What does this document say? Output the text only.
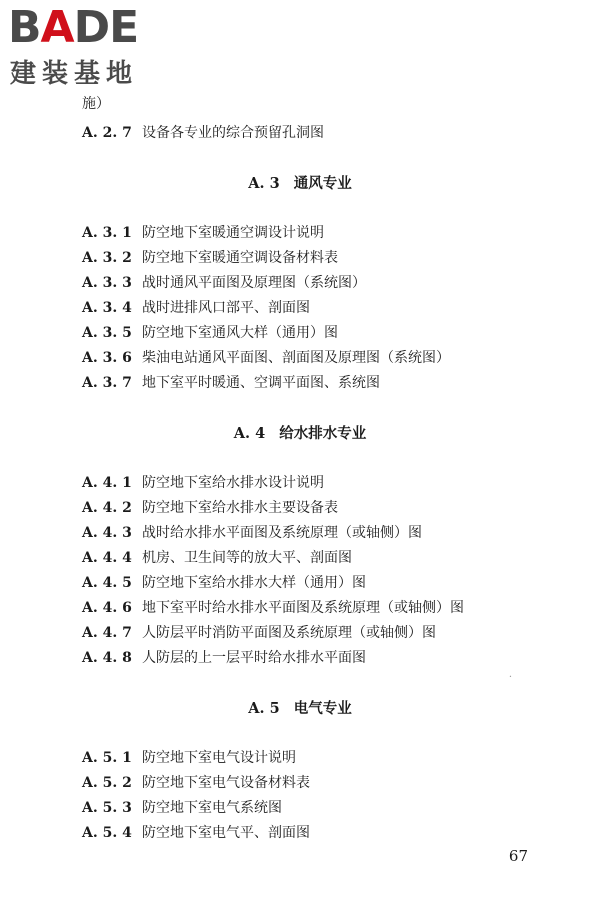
BADE
建装基地
施）
A. 2. 7 设备各专业的综合预留孔洞图
A. 3 通风专业
A. 3. 1 防空地下室暖通空调设计说明
A. 3. 2 防空地下室暖通空调设备材料表
A. 3. 3 战时通风平面图及原理图（系统图）
A. 3. 4 战时进排风口部平、剖面图
A. 3. 5 防空地下室通风大样（通用）图
A. 3. 6 柴油电站通风平面图、剖面图及原理图（系统图）
A. 3. 7 地下室平时暖通、空调平面图、系统图
A. 4 给水排水专业
A. 4. 1 防空地下室给水排水设计说明
A. 4. 2 防空地下室给水排水主要设备表
A. 4. 3 战时给水排水平面图及系统原理（或轴侧）图
A. 4. 4 机房、卫生间等的放大平、剖面图
A. 4. 5 防空地下室给水排水大样（通用）图
A. 4. 6 地下室平时给水排水平面图及系统原理（或轴侧）图
A. 4. 7 人防层平时消防平面图及系统原理（或轴侧）图
A. 4. 8 人防层的上一层平时给水排水平面图
·
A. 5 电气专业
A. 5. 1 防空地下室电气设计说明
A. 5. 2 防空地下室电气设备材料表
A. 5. 3 防空地下室电气系统图
A. 5. 4 防空地下室电气平、剖面图
67
